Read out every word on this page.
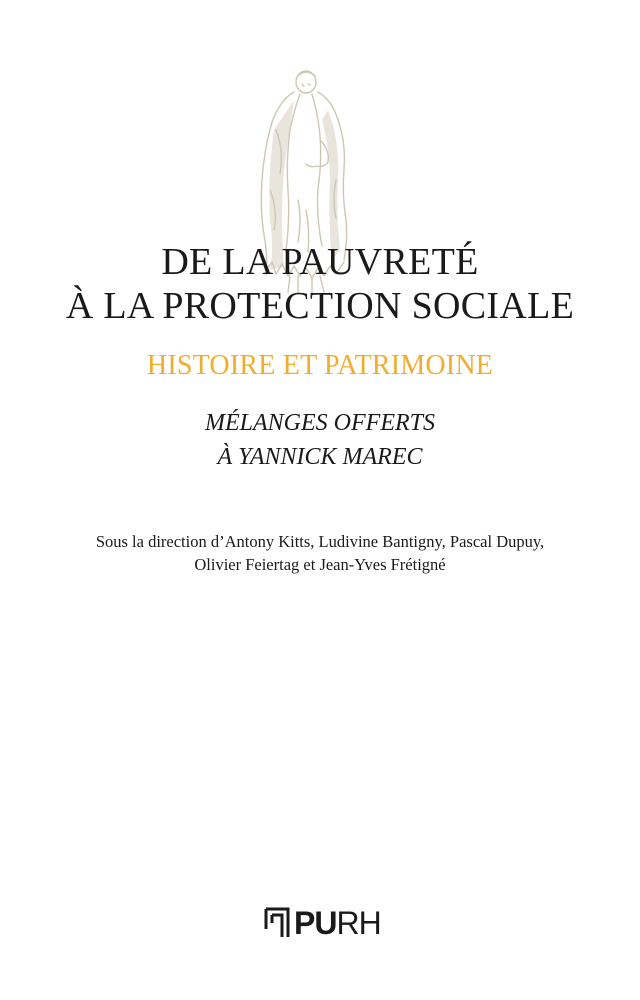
DE LA PAUVRETÉ
À LA PROTECTION SOCIALE
HISTOIRE ET PATRIMOINE
MÉLANGES OFFERTS
À YANNICK MAREC
Sous la direction d’Antony Kitts, Ludivine Bantigny, Pascal Dupuy,
Olivier Feiertag et Jean-Yves Frétigné
PU RH
